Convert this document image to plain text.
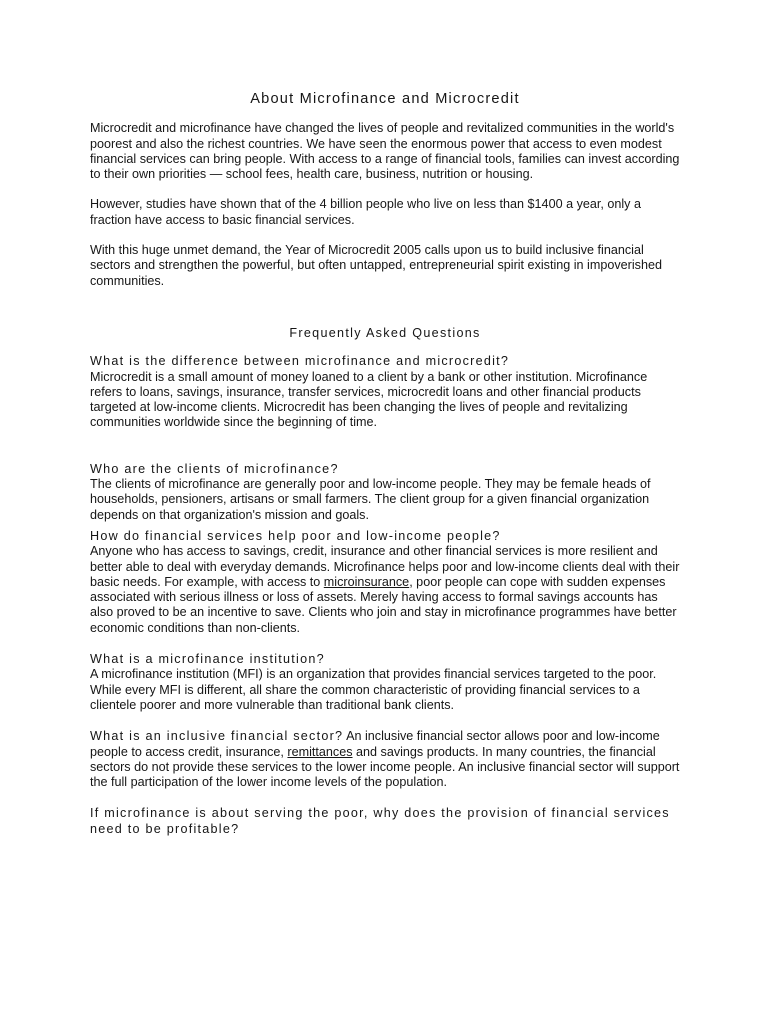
About Microfinance and Microcredit

Microcredit and microfinance have changed the lives of people and revitalized communities in the world's poorest and also the richest countries. We have seen the enormous power that access to even modest financial services can bring people. With access to a range of financial tools, families can invest according to their own priorities — school fees, health care, business, nutrition or housing.

However, studies have shown that of the 4 billion people who live on less than $1400 a year, only a fraction have access to basic financial services.

With this huge unmet demand, the Year of Microcredit 2005 calls upon us to build inclusive financial sectors and strengthen the powerful, but often untapped, entrepreneurial spirit existing in impoverished communities.

Frequently Asked Questions
What is the difference between microfinance and microcredit?
Microcredit is a small amount of money loaned to a client by a bank or other institution. Microfinance refers to loans, savings, insurance, transfer services, microcredit loans and other financial products targeted at low-income clients. Microcredit has been changing the lives of people and revitalizing communities worldwide since the beginning of time.
Who are the clients of microfinance?
The clients of microfinance are generally poor and low-income people. They may be female heads of households, pensioners, artisans or small farmers. The client group for a given financial organization depends on that organization's mission and goals.
How do financial services help poor and low-income people?
Anyone who has access to savings, credit, insurance and other financial services is more resilient and better able to deal with everyday demands. Microfinance helps poor and low-income clients deal with their basic needs. For example, with access to microinsurance, poor people can cope with sudden expenses associated with serious illness or loss of assets. Merely having access to formal savings accounts has also proved to be an incentive to save. Clients who join and stay in microfinance programmes have better economic conditions than non-clients.
What is a microfinance institution?
A microfinance institution (MFI) is an organization that provides financial services targeted to the poor. While every MFI is different, all share the common characteristic of providing financial services to a clientele poorer and more vulnerable than traditional bank clients.
What is an inclusive financial sector? An inclusive financial sector allows poor and low-income people to access credit, insurance, remittances and savings products. In many countries, the financial sectors do not provide these services to the lower income people. An inclusive financial sector will support the full participation of the lower income levels of the population.
If microfinance is about serving the poor, why does the provision of financial services need to be profitable?
